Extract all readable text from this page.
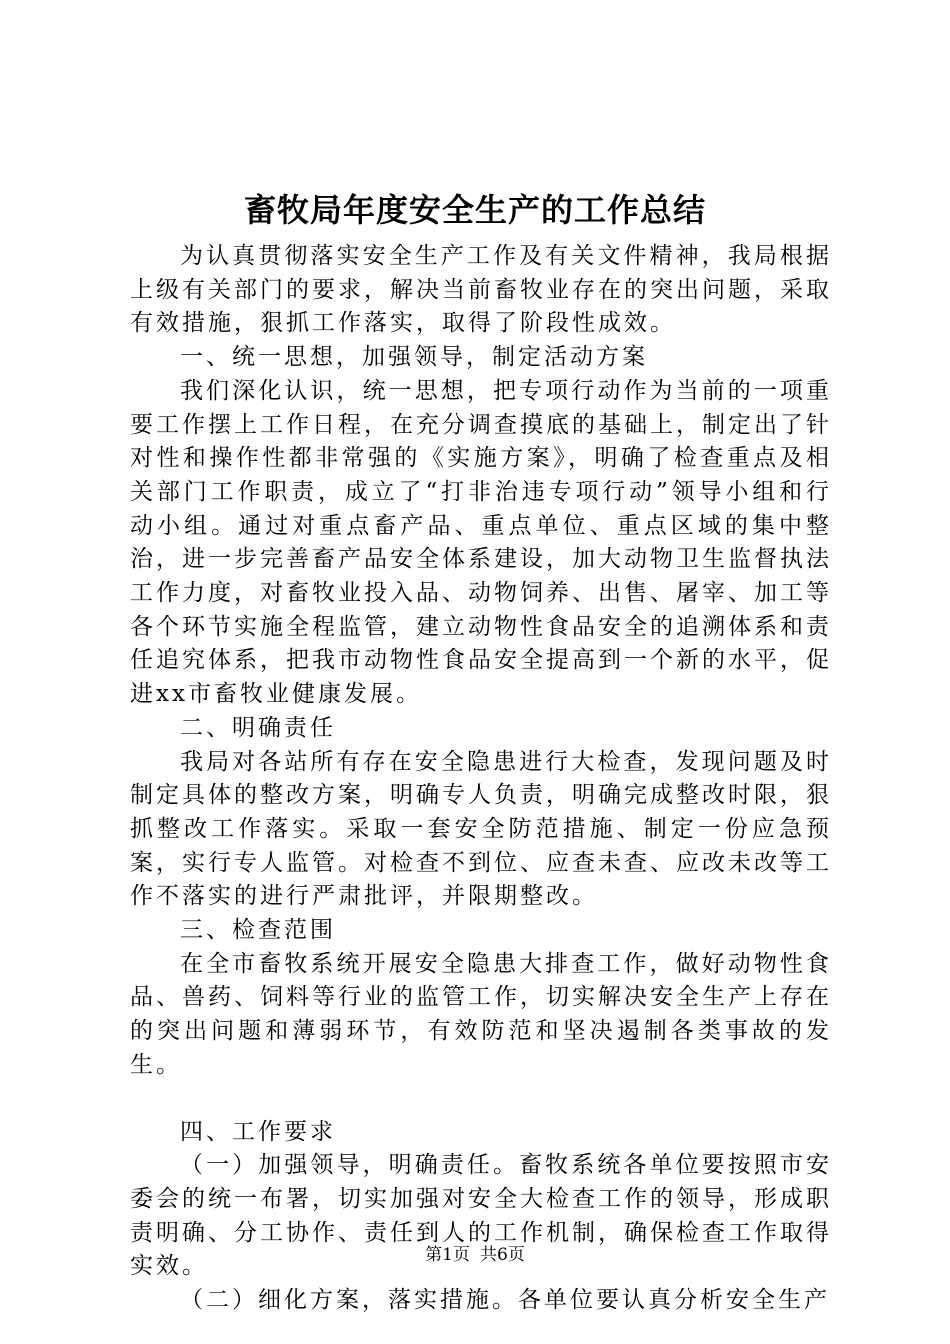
畜牧局年度安全生产的工作总结

为认真贯彻落实安全生产工作及有关文件精神，我局根据上级有关部门的要求，解决当前畜牧业存在的突出问题，采取有效措施，狠抓工作落实，取得了阶段性成效。

一、统一思想，加强领导，制定活动方案

我们深化认识，统一思想，把专项行动作为当前的一项重要工作摆上工作日程，在充分调查摸底的基础上，制定出了针对性和操作性都非常强的《实施方案》，明确了检查重点及相关部门工作职责，成立了“打非治违专项行动”领导小组和行动小组。通过对重点畜产品、重点单位、重点区域的集中整治，进一步完善畜产品安全体系建设，加大动物卫生监督执法工作力度，对畜牧业投入品、动物饲养、出售、屠宰、加工等各个环节实施全程监管，建立动物性食品安全的追溯体系和责任追究体系，把我市动物性食品安全提高到一个新的水平，促进xx市畜牧业健康发展。

二、明确责任

我局对各站所有存在安全隐患进行大检查，发现问题及时制定具体的整改方案，明确专人负责，明确完成整改时限，狠抓整改工作落实。采取一套安全防范措施、制定一份应急预案，实行专人监管。对检查不到位、应查未查、应改未改等工作不落实的进行严肃批评，并限期整改。

三、检查范围

在全市畜牧系统开展安全隐患大排查工作，做好动物性食品、兽药、饲料等行业的监管工作，切实解决安全生产上存在的突出问题和薄弱环节，有效防范和坚决遏制各类事故的发生。

四、工作要求

（一）加强领导，明确责任。畜牧系统各单位要按照市安委会的统一布署，切实加强对安全大检查工作的领导，形成职责明确、分工协作、责任到人的工作机制，确保检查工作取得实效。

（二）细化方案，落实措施。各单位要认真分析安全生产

第1页 共6页
